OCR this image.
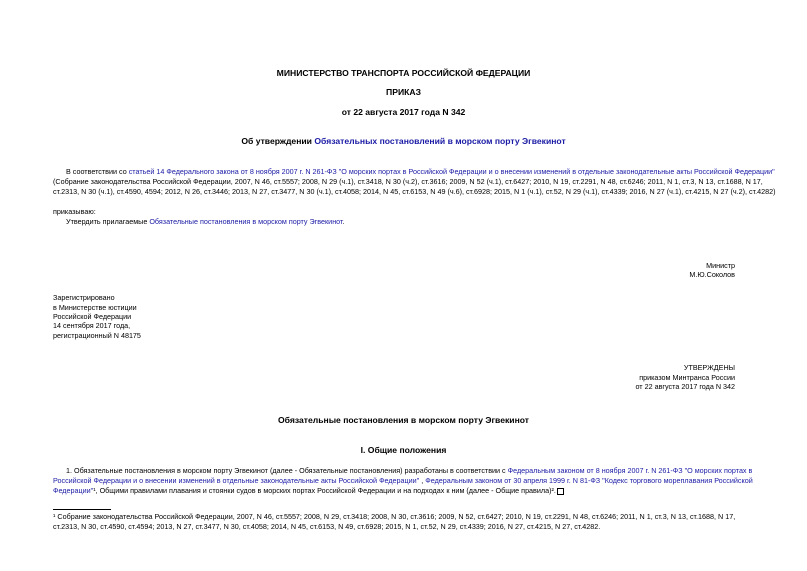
МИНИСТЕРСТВО ТРАНСПОРТА РОССИЙСКОЙ ФЕДЕРАЦИИ
ПРИКАЗ
от 22 августа 2017 года N 342
Об утверждении Обязательных постановлений в морском порту Эгвекинот
В соответствии со статьей 14 Федерального закона от 8 ноября 2007 г. N 261-ФЗ "О морских портах в Российской Федерации и о внесении изменений в отдельные законодательные акты Российской Федерации"
(Собрание законодательства Российской Федерации, 2007, N 46, ст.5557; 2008, N 29 (ч.1), ст.3418, N 30 (ч.2), ст.3616; 2009, N 52 (ч.1), ст.6427; 2010, N 19, ст.2291, N 48, ст.6246; 2011, N 1, ст.3, N 13, ст.1688, N 17,
ст.2313, N 30 (ч.1), ст.4590, 4594; 2012, N 26, ст.3446; 2013, N 27, ст.3477, N 30 (ч.1), ст.4058; 2014, N 45, ст.6153, N 49 (ч.6), ст.6928; 2015, N 1 (ч.1), ст.52, N 29 (ч.1), ст.4339; 2016, N 27 (ч.1), ст.4215, N 27 (ч.2), ст.4282)
приказываю:
Утвердить прилагаемые Обязательные постановления в морском порту Эгвекинот.
Министр
М.Ю.Соколов
Зарегистрировано
в Министерстве юстиции
Российской Федерации
14 сентября 2017 года,
регистрационный N 48175
УТВЕРЖДЕНЫ
приказом Минтранса России
от 22 августа 2017 года N 342
Обязательные постановления в морском порту Эгвекинот
I. Общие положения
1. Обязательные постановления в морском порту Эгвекинот (далее - Обязательные постановления) разработаны в соответствии с Федеральным законом от 8 ноября 2007 г. N 261-ФЗ "О морских портах в
Российской Федерации и о внесении изменений в отдельные законодательные акты Российской Федерации" , Федеральным законом от 30 апреля 1999 г. N 81-ФЗ "Кодекс торгового мореплавания Российской
Федерации"¹, Общими правилами плавания и стоянки судов в морских портах Российской Федерации и на подходах к ним (далее - Общие правила)².
¹ Собрание законодательства Российской Федерации, 2007, N 46, ст.5557; 2008, N 29, ст.3418; 2008, N 30, ст.3616; 2009, N 52, ст.6427; 2010, N 19, ст.2291, N 48, ст.6246; 2011, N 1, ст.3, N 13, ст.1688, N 17,
ст.2313, N 30, ст.4590, ст.4594; 2013, N 27, ст.3477, N 30, ст.4058; 2014, N 45, ст.6153, N 49, ст.6928; 2015, N 1, ст.52, N 29, ст.4339; 2016, N 27, ст.4215, N 27, ст.4282.
